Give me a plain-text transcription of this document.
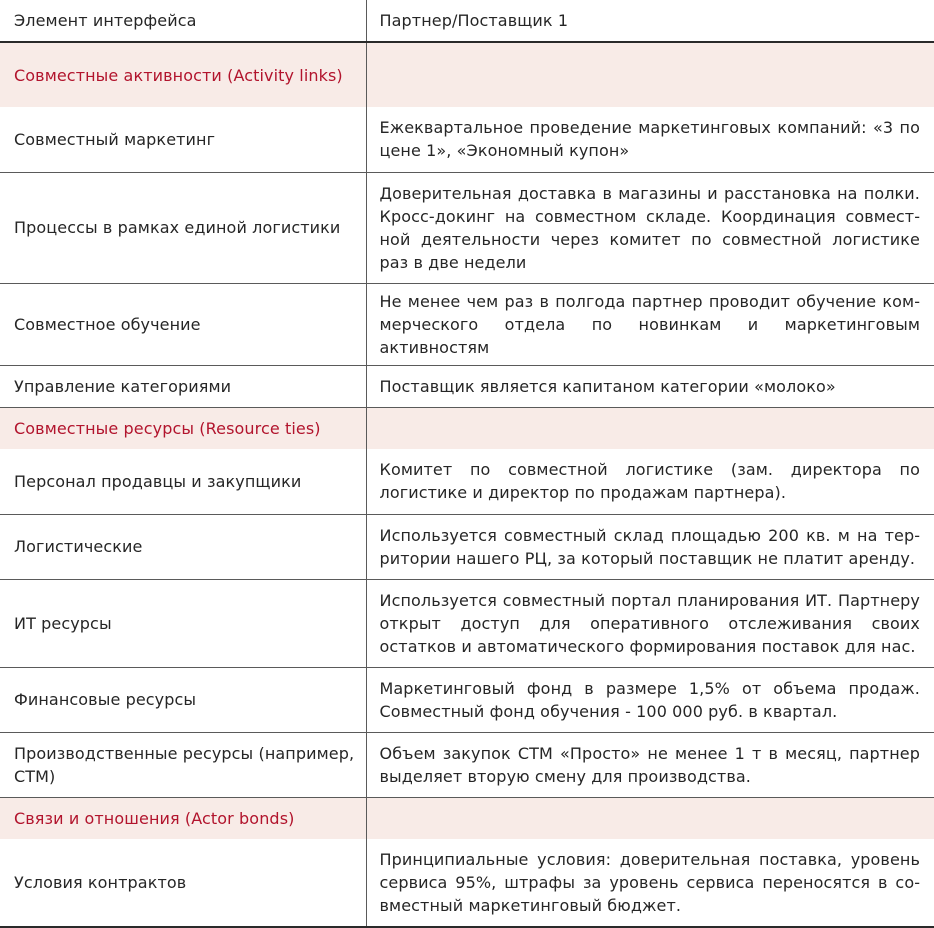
Элемент интерфейса	Партнер/Поставщик 1
Совместные активности (Activity links)	
Совместный маркетинг	Ежеквартальное проведение маркетинговых компаний: «3 по цене 1», «Экономный купон»
Процессы в рамках единой логистики	Доверительная доставка в магазины и расстановка на полки. Кросс-докинг на совместном складе. Координация совместной деятельности через комитет по совместной логистике раз в две недели
Совместное обучение	Не менее чем раз в полгода партнер проводит обучение коммерческого отдела по новинкам и маркетинговым активностям
Управление категориями	Поставщик является капитаном категории «молоко»
Совместные ресурсы (Resource ties)	
Персонал продавцы и закупщики	Комитет по совместной логистике (зам. директора по логистике и директор по продажам партнера).
Логистические	Используется совместный склад площадью 200 кв. м на территории нашего РЦ, за который поставщик не платит аренду.
ИТ ресурсы	Используется совместный портал планирования ИТ. Партнеру открыт доступ для оперативного отслеживания своих остатков и автоматического формирования поставок для нас.
Финансовые ресурсы	Маркетинговый фонд в размере 1,5% от объема продаж. Совместный фонд обучения - 100 000 руб. в квартал.
Производственные ресурсы (например, СТМ)	Объем закупок СТМ «Просто» не менее 1 т в месяц, партнер выделяет вторую смену для производства.
Связи и отношения (Actor bonds)	
Условия контрактов	Принципиальные условия: доверительная поставка, уровень сервиса 95%, штрафы за уровень сервиса переносятся в совместный маркетинговый бюджет.
